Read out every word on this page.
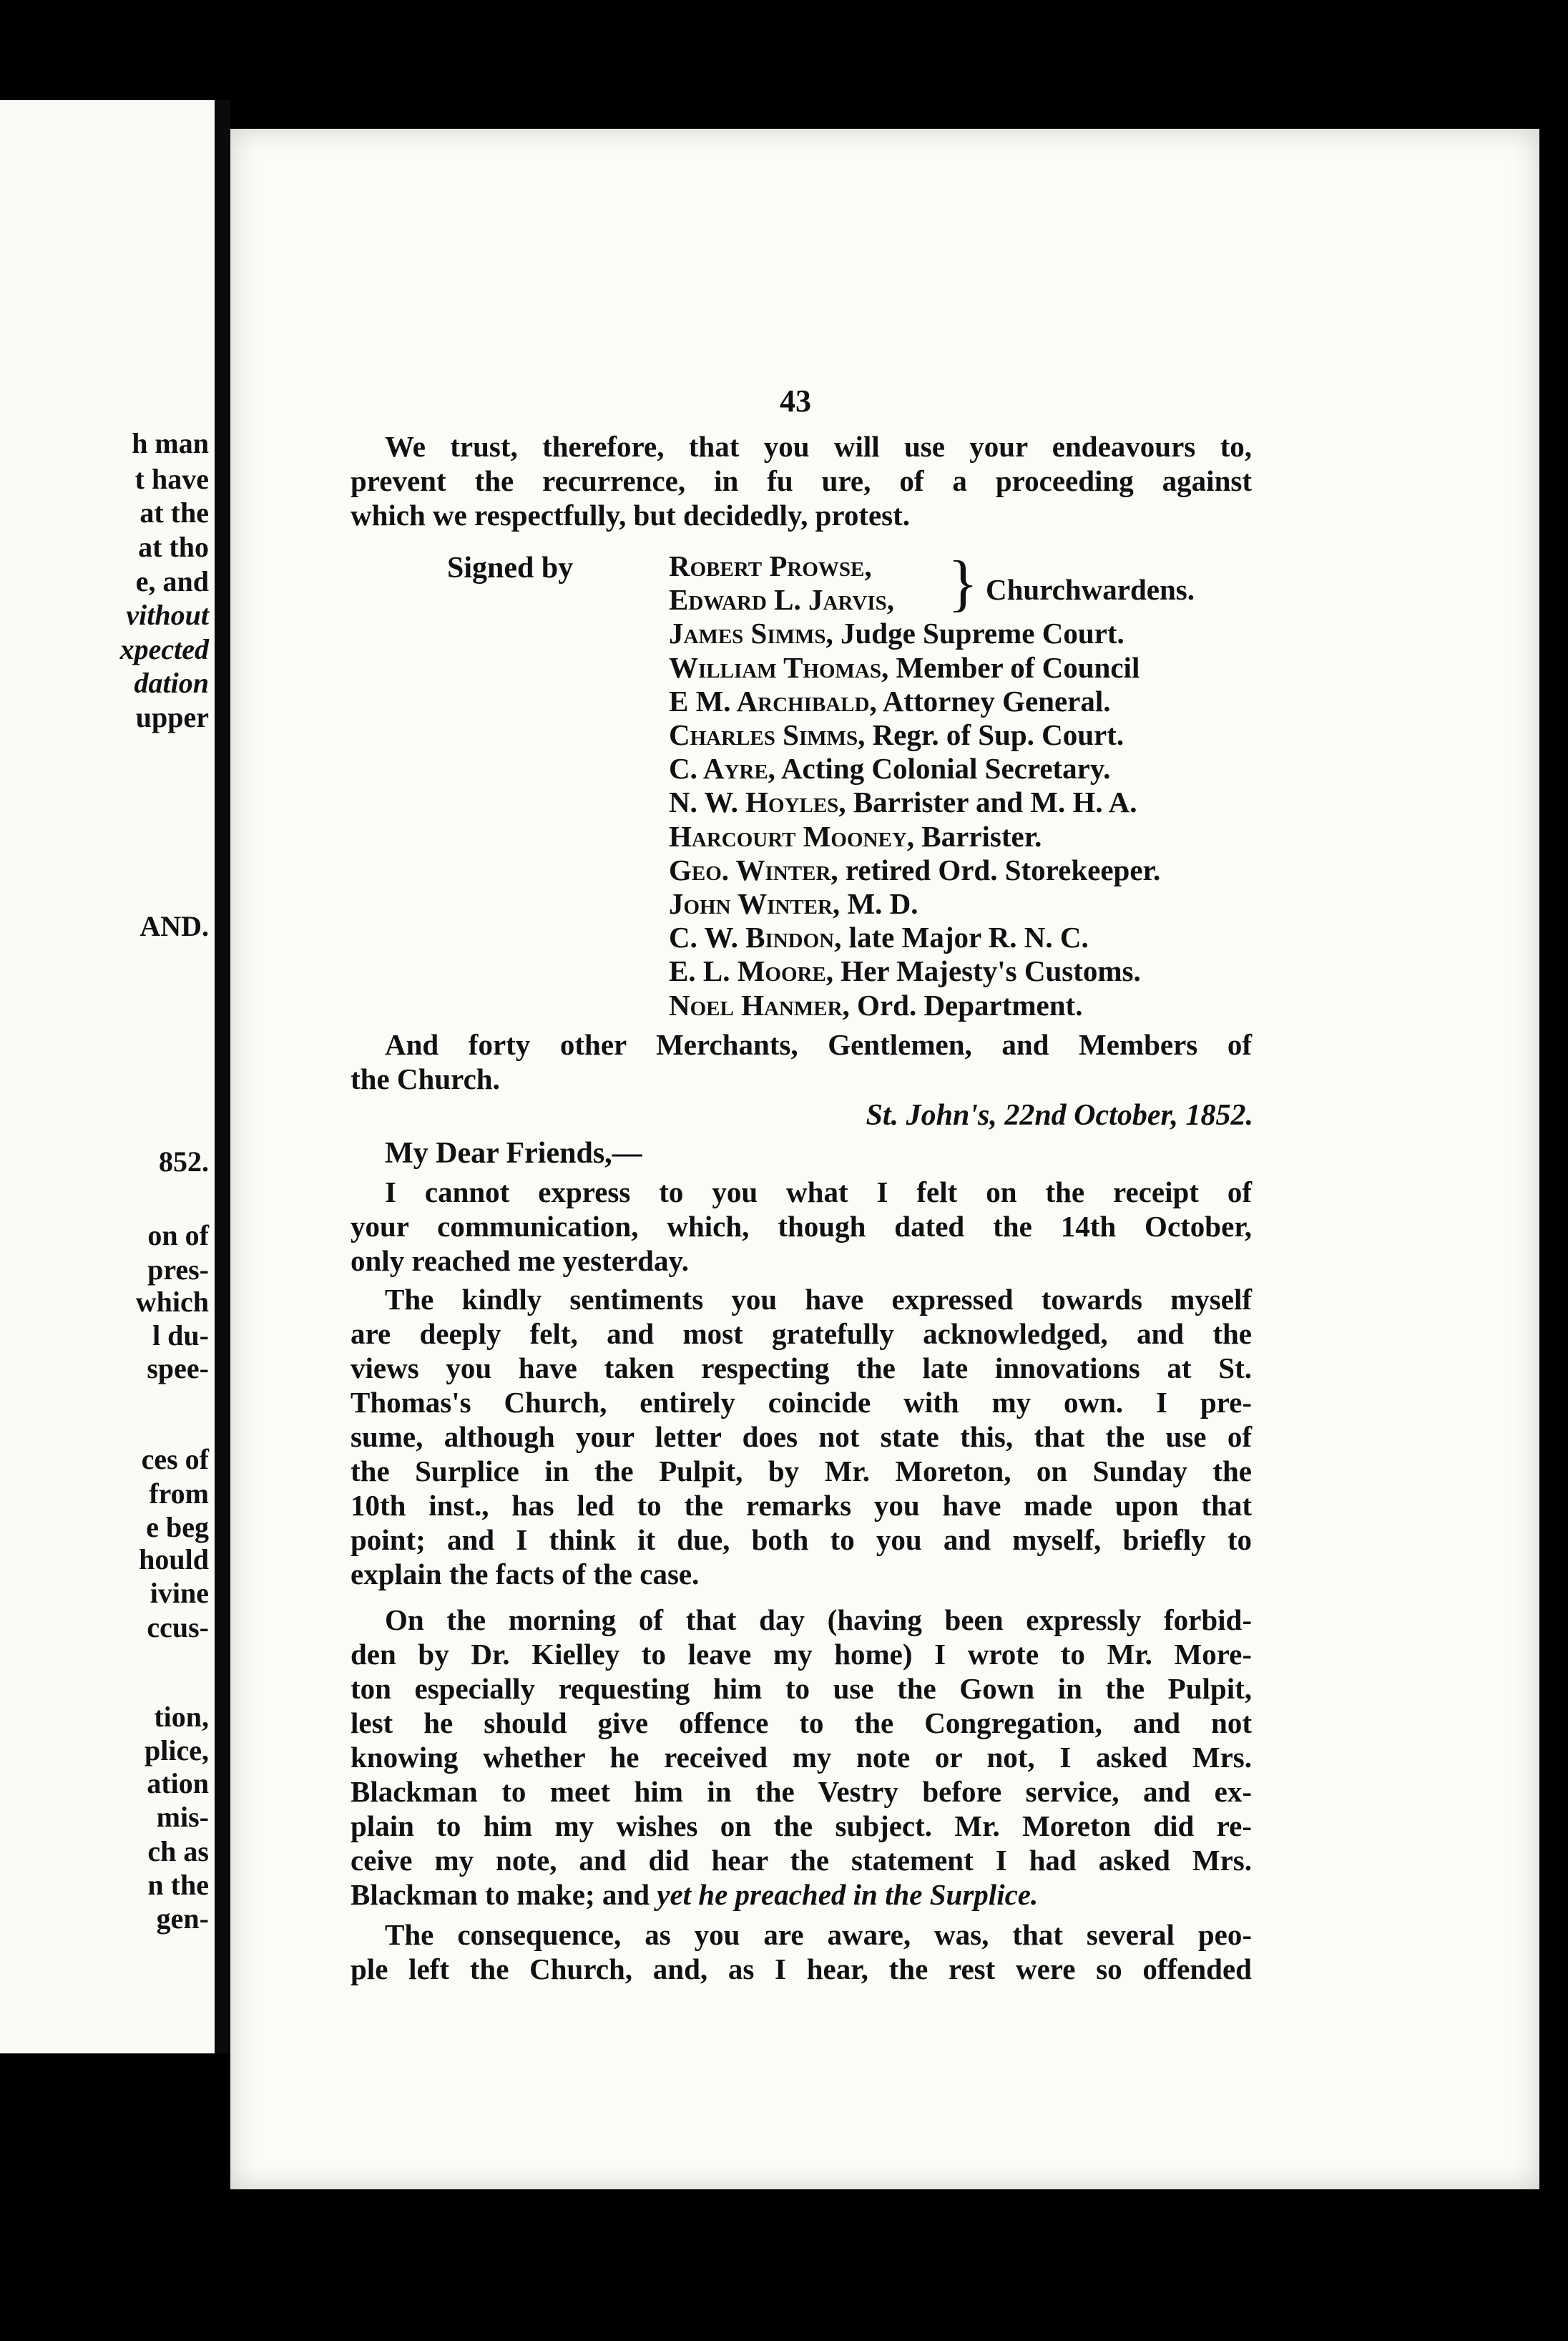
h man
t have
at the
at tho
e, and
vithout
xpected
dation
upper
AND.
852.
on of
pres-
which
l du-
spee-
ces of
from
e beg
hould
ivine
ccus-
tion,
plice,
ation
mis-
ch as
n the
gen-
43
We trust, therefore, that you will use your endeavours to,
prevent the recurrence, in fu ure, of a proceeding against
which we respectfully, but decidedly, protest.
Signed by	} Churchwardens.
Robert Prowse,
Edward L. Jarvis,
James Simms, Judge Supreme Court.
William Thomas, Member of Council
E M. Archibald, Attorney General.
Charles Simms, Regr. of Sup. Court.
C. Ayre, Acting Colonial Secretary.
N. W. Hoyles, Barrister and M. H. A.
Harcourt Mooney, Barrister.
Geo. Winter, retired Ord. Storekeeper.
John Winter, M. D.
C. W. Bindon, late Major R. N. C.
E. L. Moore, Her Majesty's Customs.
Noel Hanmer, Ord. Department.
And forty other Merchants, Gentlemen, and Members of
the Church.
St. John's, 22nd October, 1852.
My Dear Friends,—
I cannot express to you what I felt on the receipt of
your communication, which, though dated the 14th October,
only reached me yesterday.
The kindly sentiments you have expressed towards myself
are deeply felt, and most gratefully acknowledged, and the
views you have taken respecting the late innovations at St.
Thomas's Church, entirely coincide with my own. I pre-
sume, although your letter does not state this, that the use of
the Surplice in the Pulpit, by Mr. Moreton, on Sunday the
10th inst., has led to the remarks you have made upon that
point; and I think it due, both to you and myself, briefly to
explain the facts of the case.
On the morning of that day (having been expressly forbid-
den by Dr. Kielley to leave my home) I wrote to Mr. More-
ton especially requesting him to use the Gown in the Pulpit,
lest he should give offence to the Congregation, and not
knowing whether he received my note or not, I asked Mrs.
Blackman to meet him in the Vestry before service, and ex-
plain to him my wishes on the subject. Mr. Moreton did re-
ceive my note, and did hear the statement I had asked Mrs.
Blackman to make; and yet he preached in the Surplice.
The consequence, as you are aware, was, that several peo-
ple left the Church, and, as I hear, the rest were so offended
